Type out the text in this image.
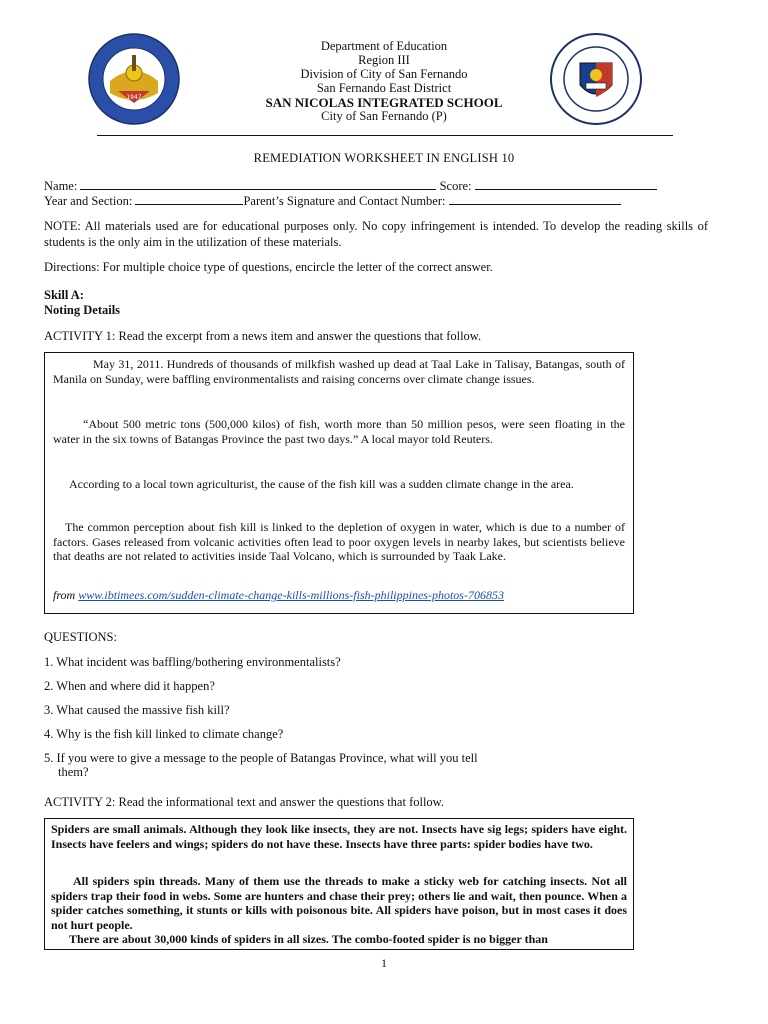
1947
Department of Education
Region III
Division of City of San Fernando
San Fernando East District
SAN NICOLAS INTEGRATED SCHOOL
City of San Fernando (P)
REMEDIATION WORKSHEET IN ENGLISH 10
Name:	Score:
Year and Section:	Parent’s Signature and Contact Number:
NOTE: All materials used are for educational purposes only. No copy infringement is intended. To develop the reading skills of students is the only aim in the utilization of these materials.
Directions: For multiple choice type of questions, encircle the letter of the correct answer.
Skill A:
Noting Details
ACTIVITY 1: Read the excerpt from a news item and answer the questions that follow.
May 31, 2011. Hundreds of thousands of milkfish washed up dead at Taal Lake in Talisay, Batangas, south of Manila on Sunday, were baffling environmentalists and raising concerns over climate change issues.
“About 500 metric tons (500,000 kilos) of fish, worth more than 50 million pesos, were seen floating in the water in the six towns of Batangas Province the past two days.” A local mayor told Reuters.
According to a local town agriculturist, the cause of the fish kill was a sudden climate change in the area.
The common perception about fish kill is linked to the depletion of oxygen in water, which is due to a number of factors. Gases released from volcanic activities often lead to poor oxygen levels in nearby lakes, but scientists believe that deaths are not related to activities inside Taal Volcano, which is surrounded by Taak Lake.
from www.ibtimees.com/sudden-climate-change-kills-millions-fish-philippines-photos-706853
QUESTIONS:
1. What incident was baffling/bothering environmentalists?
2. When and where did it happen?
3. What caused the massive fish kill?
4. Why is the fish kill linked to climate change?
5. If you were to give a message to the people of Batangas Province, what will you tell
them?
ACTIVITY 2: Read the informational text and answer the questions that follow.
Spiders are small animals. Although they look like insects, they are not. Insects have sig legs; spiders have eight. Insects have feelers and wings; spiders do not have these. Insects have three parts: spider bodies have two.
All spiders spin threads. Many of them use the threads to make a sticky web for catching insects. Not all spiders trap their food in webs. Some are hunters and chase their prey; others lie and wait, then pounce. When a spider catches something, it stunts or kills with poisonous bite. All spiders have poison, but in most cases it does not hurt people.
There are about 30,000 kinds of spiders in all sizes. The combo-footed spider is no bigger than
1
